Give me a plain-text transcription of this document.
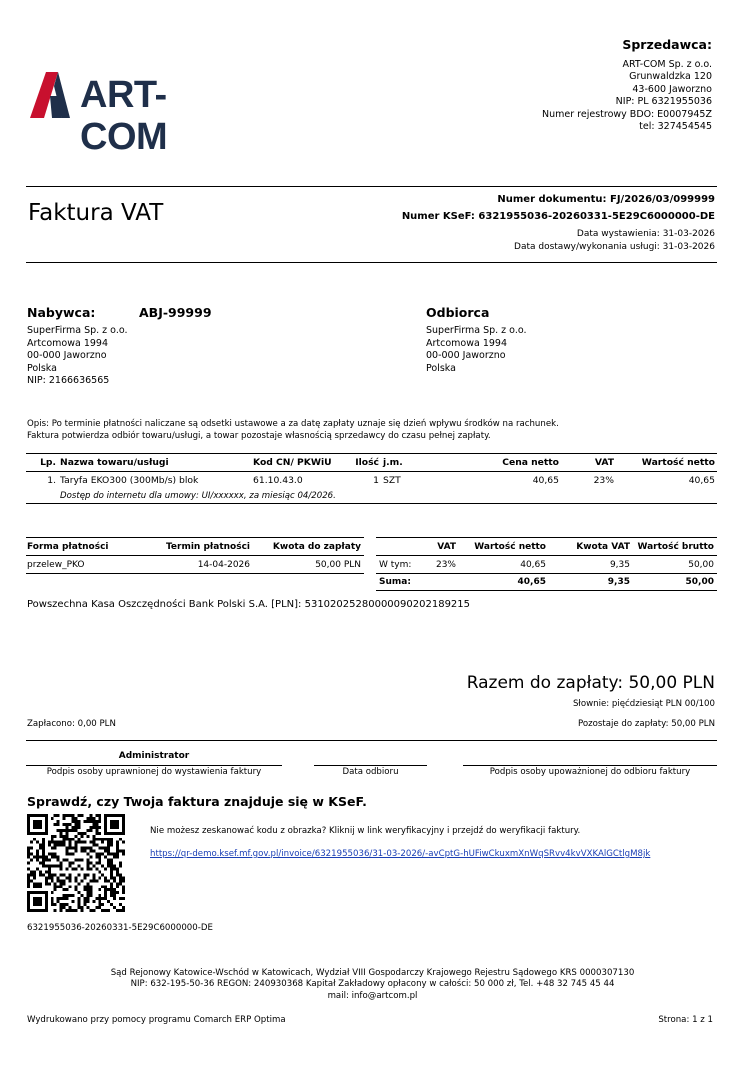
ART-COM
Sprzedawca:
ART-COM Sp. z o.o.
Grunwaldzka 120
43-600 Jaworzno
NIP: PL 6321955036
Numer rejestrowy BDO: E0007945Z
tel: 327454545
Faktura VAT
Numer dokumentu: FJ/2026/03/099999
Numer KSeF: 6321955036-20260331-5E29C6000000-DE
Data wystawienia: 31-03-2026
Data dostawy/wykonania usługi: 31-03-2026
Nabywca:	ABJ-99999
SuperFirma Sp. z o.o.
Artcomowa 1994
00-000 Jaworzno
Polska
NIP: 2166636565
Odbiorca
SuperFirma Sp. z o.o.
Artcomowa 1994
00-000 Jaworzno
Polska
Opis: Po terminie płatności naliczane są odsetki ustawowe a za datę zapłaty uznaje się dzień wpływu środków na rachunek.
Faktura potwierdza odbiór towaru/usługi, a towar pozostaje własnością sprzedawcy do czasu pełnej zapłaty.
Lp.	Nazwa towaru/usługi	Kod CN/ PKWiU	Ilość	j.m.	Cena netto	VAT	Wartość netto
1.	Taryfa EKO300 (300Mb/s) blok	61.10.43.0	1	SZT	40,65	23%	40,65
	Dostęp do internetu dla umowy: UI/xxxxxx, za miesiąc 04/2026.						
Forma płatności	Termin płatności	Kwota do zapłaty
przelew_PKO	14-04-2026	50,00 PLN
	VAT	Wartość netto	Kwota VAT	Wartość brutto
W tym:	23%	40,65	9,35	50,00
Suma:		40,65	9,35	50,00
Powszechna Kasa Oszczędności Bank Polski S.A. [PLN]: 53102025280000090202189215
Razem do zapłaty: 50,00 PLN
Słownie: pięćdziesiąt PLN 00/100
Zapłacono: 0,00 PLN	Pozostaje do zapłaty: 50,00 PLN
Administrator
Podpis osoby uprawnionej do wystawienia faktury	Data odbioru	Podpis osoby upoważnionej do odbioru faktury
Sprawdź, czy Twoja faktura znajduje się w KSeF.
Nie możesz zeskanować kodu z obrazka? Kliknij w link weryfikacyjny i przejdź do weryfikacji faktury.
https://qr-demo.ksef.mf.gov.pl/invoice/6321955036/31-03-2026/-avCptG-hUFiwCkuxmXnWqSRvv4kvVXKAlGCtlgM8jk
6321955036-20260331-5E29C6000000-DE
Sąd Rejonowy Katowice-Wschód w Katowicach, Wydział VIII Gospodarczy Krajowego Rejestru Sądowego KRS 0000307130
NIP: 632-195-50-36 REGON: 240930368 Kapitał Zakładowy opłacony w całości: 50 000 zł, Tel. +48 32 745 45 44
mail: info@artcom.pl
Wydrukowano przy pomocy programu Comarch ERP Optima	Strona: 1 z 1
